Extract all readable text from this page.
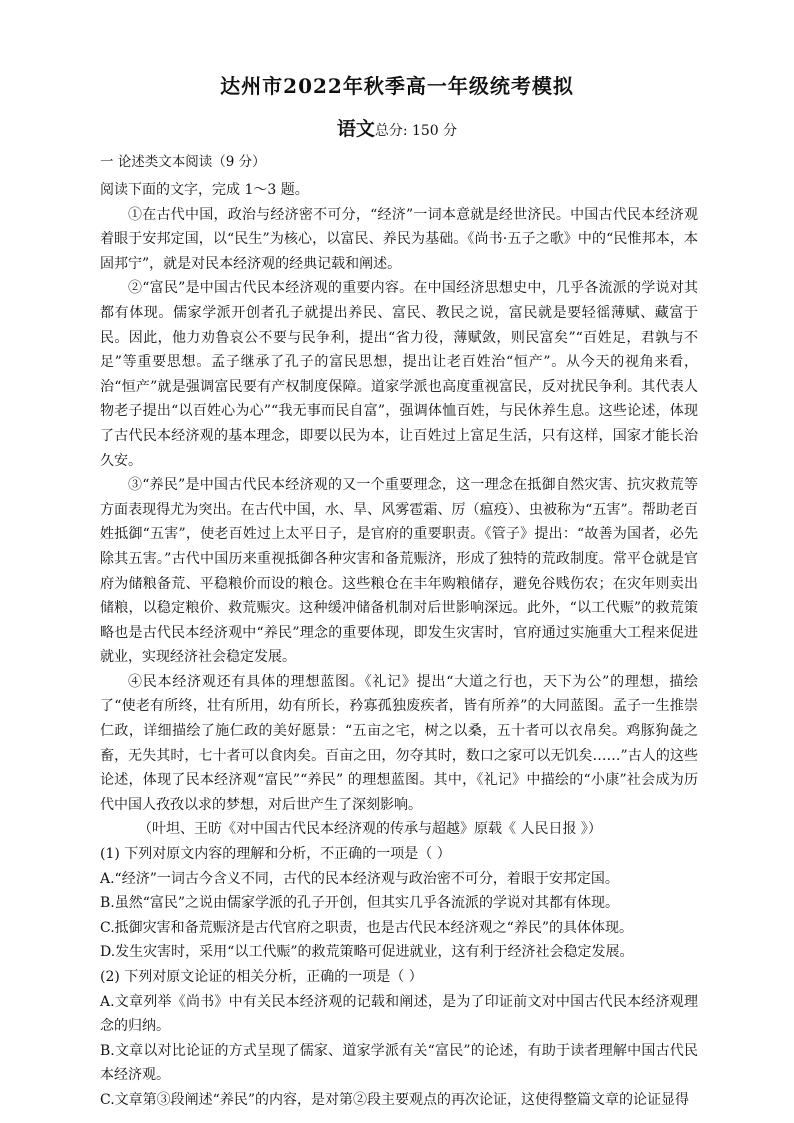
达州市2022年秋季高一年级统考模拟
语文总分: 150 分
一 论述类文本阅读（9 分）

阅读下面的文字，完成 1～3 题。

①在古代中国，政治与经济密不可分，“经济”一词本意就是经世济民。中国古代民本经济观着眼于安邦定国，以“民生”为核心，以富民、养民为基础。《尚书·五子之歌》中的“民惟邦本，本固邦宁”，就是对民本经济观的经典记载和阐述。

②“富民”是中国古代民本经济观的重要内容。在中国经济思想史中，几乎各流派的学说对其都有体现。儒家学派开创者孔子就提出养民、富民、教民之说，富民就是要轻徭薄赋、藏富于民。因此，他力劝鲁哀公不要与民争利，提出“省力役，薄赋敛，则民富矣”“百姓足，君孰与不足”等重要思想。孟子继承了孔子的富民思想，提出让老百姓治“恒产”。从今天的视角来看，治“恒产”就是强调富民要有产权制度保障。道家学派也高度重视富民，反对扰民争利。其代表人物老子提出“以百姓心为心”“我无事而民自富”，强调体恤百姓，与民休养生息。这些论述，体现了古代民本经济观的基本理念，即要以民为本，让百姓过上富足生活，只有这样，国家才能长治久安。

③“养民”是中国古代民本经济观的又一个重要理念，这一理念在抵御自然灾害、抗灾救荒等方面表现得尤为突出。在古代中国，水、旱、风雾雹霜、厉（瘟疫）、虫被称为“五害”。帮助老百姓抵御“五害”，使老百姓过上太平日子，是官府的重要职责。《管子》提出：“故善为国者，必先除其五害。”古代中国历来重视抵御各种灾害和备荒赈济，形成了独特的荒政制度。常平仓就是官府为储粮备荒、平稳粮价而设的粮仓。这些粮仓在丰年购粮储存，避免谷贱伤农；在灾年则卖出储粮，以稳定粮价、救荒赈灾。这种缓冲储备机制对后世影响深远。此外，“以工代赈”的救荒策略也是古代民本经济观中“养民”理念的重要体现，即发生灾害时，官府通过实施重大工程来促进就业，实现经济社会稳定发展。

④民本经济观还有具体的理想蓝图。《礼记》提出“大道之行也，天下为公”的理想，描绘了“使老有所终，壮有所用，幼有所长，矜寡孤独废疾者，皆有所养”的大同蓝图。孟子一生推崇仁政，详细描绘了施仁政的美好愿景：“五亩之宅，树之以桑，五十者可以衣帛矣。鸡豚狗彘之畜，无失其时，七十者可以食肉矣。百亩之田，勿夺其时，数口之家可以无饥矣……”古人的这些论述，体现了民本经济观“富民”“养民” 的理想蓝图。其中，《礼记》中描绘的“小康”社会成为历代中国人孜孜以求的梦想，对后世产生了深刻影响。

（叶坦、王昉《对中国古代民本经济观的传承与超越》原载《 人民日报 》）

(1) 下列对原文内容的理解和分析，不正确的一项是（ ）

A.“经济”一词古今含义不同，古代的民本经济观与政治密不可分，着眼于安邦定国。

B.虽然“富民”之说由儒家学派的孔子开创，但其实几乎各流派的学说对其都有体现。

C.抵御灾害和备荒赈济是古代官府之职责，也是古代民本经济观之“养民”的具体体现。

D.发生灾害时，采用“以工代赈”的救荒策略可促进就业，这有利于经济社会稳定发展。

(2) 下列对原文论证的相关分析，正确的一项是（ ）

A.文章列举《尚书》中有关民本经济观的记载和阐述，是为了印证前文对中国古代民本经济观理念的归纳。

B.文章以对比论证的方式呈现了儒家、道家学派有关“富民”的论述，有助于读者理解中国古代民本经济观。

C.文章第③段阐述“养民”的内容，是对第②段主要观点的再次论证，这使得整篇文章的论证显得
